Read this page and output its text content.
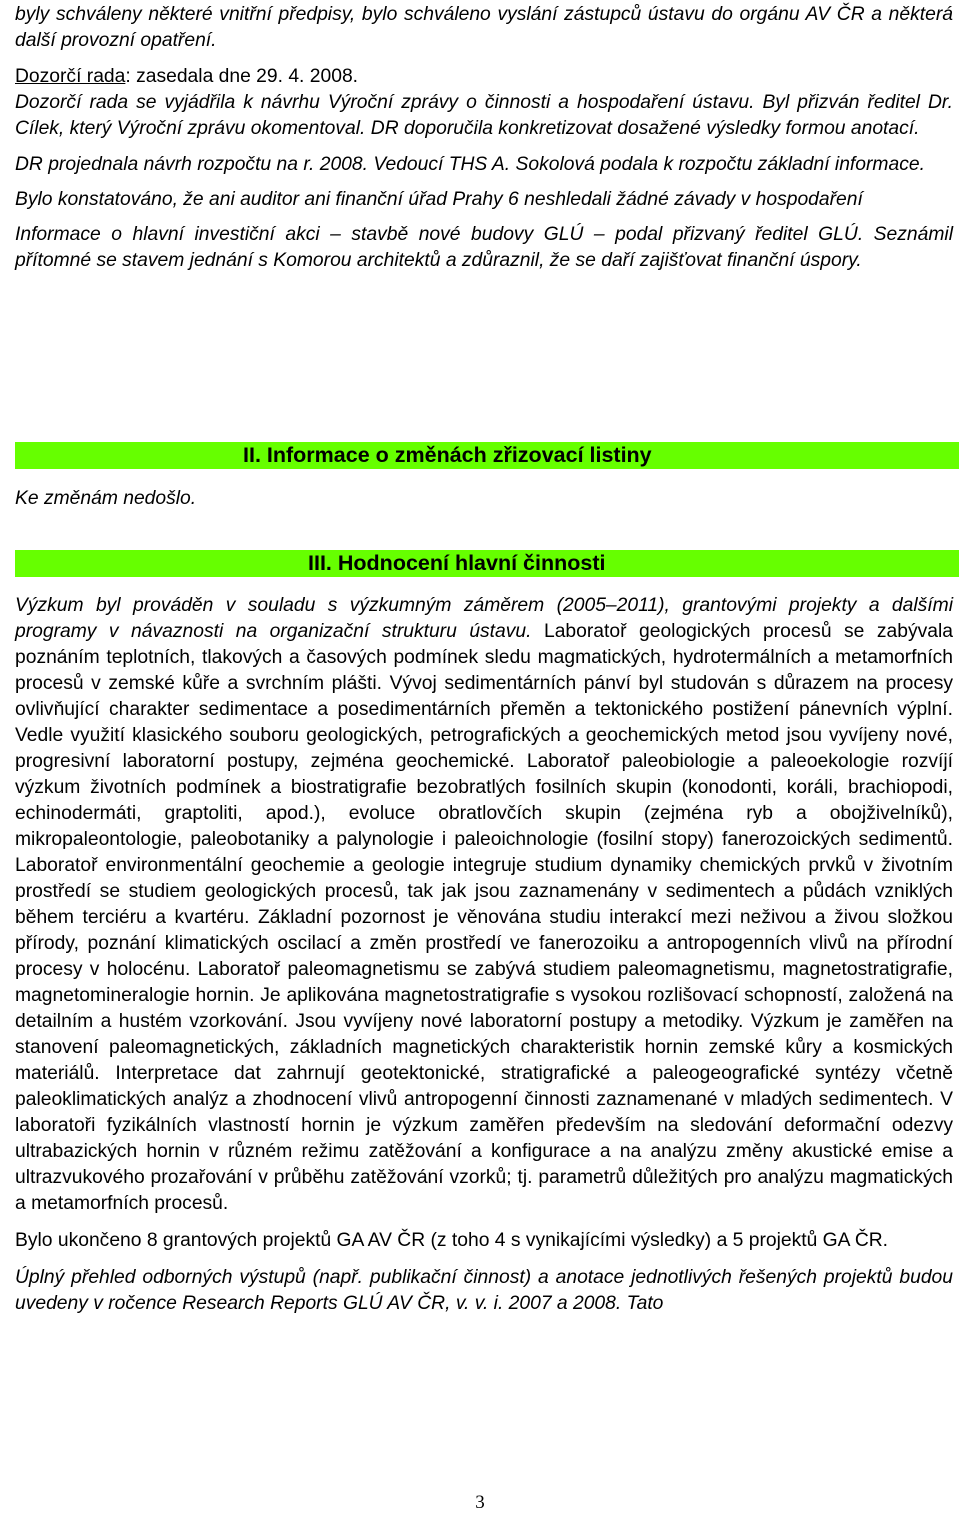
byly schváleny některé vnitřní předpisy, bylo schváleno vyslání zástupců ústavu do orgánu AV ČR a některá další provozní opatření.

Dozorčí rada: zasedala dne 29. 4. 2008.

Dozorčí rada se vyjádřila k návrhu Výroční zprávy o činnosti a hospodaření ústavu. Byl přizván ředitel Dr. Cílek, který Výroční zprávu okomentoval. DR doporučila konkretizovat dosažené výsledky formou anotací.

DR projednala návrh rozpočtu na r. 2008. Vedoucí THS A. Sokolová podala k rozpočtu základní informace.

Bylo konstatováno, že ani auditor ani finanční úřad Prahy 6 neshledali žádné závady v hospodaření

Informace o hlavní investiční akci – stavbě nové budovy GLÚ – podal přizvaný ředitel GLÚ. Seznámil přítomné se stavem jednání s Komorou architektů a zdůraznil, že se daří zajišťovat finanční úspory.

II. Informace o změnách zřizovací listiny

Ke změnám nedošlo.

III. Hodnocení hlavní činnosti

Výzkum byl prováděn v souladu s výzkumným záměrem (2005–2011), grantovými projekty a dalšími programy v návaznosti na organizační strukturu ústavu. Laboratoř geologických procesů se zabývala poznáním teplotních, tlakových a časových podmínek sledu magmatických, hydrotermálních a metamorfních procesů v zemské kůře a svrchním plášti. Vývoj sedimentárních pánví byl studován s důrazem na procesy ovlivňující charakter sedimentace a posedimentárních přeměn a tektonického postižení pánevních výplní. Vedle využití klasického souboru geologických, petrografických a geochemických metod jsou vyvíjeny nové, progresivní laboratorní postupy, zejména geochemické. Laboratoř paleobiologie a paleoekologie rozvíjí výzkum životních podmínek a biostratigrafie bezobratlých fosilních skupin (konodonti, koráli, brachiopodi, echinodermáti, graptoliti, apod.), evoluce obratlovčích skupin (zejména ryb a obojživelníků), mikropaleontologie, paleobotaniky a palynologie i paleoichnologie (fosilní stopy) fanerozoických sedimentů. Laboratoř environmentální geochemie a geologie integruje studium dynamiky chemických prvků v životním prostředí se studiem geologických procesů, tak jak jsou zaznamenány v sedimentech a půdách vzniklých během terciéru a kvartéru. Základní pozornost je věnována studiu interakcí mezi neživou a živou složkou přírody, poznání klimatických oscilací a změn prostředí ve fanerozoiku a antropogenních vlivů na přírodní procesy v holocénu. Laboratoř paleomagnetismu se zabývá studiem paleomagnetismu, magnetostratigrafie, magnetomineralogie hornin. Je aplikována magnetostratigrafie s vysokou rozlišovací schopností, založená na detailním a hustém vzorkování. Jsou vyvíjeny nové laboratorní postupy a metodiky. Výzkum je zaměřen na stanovení paleomagnetických, základních magnetických charakteristik hornin zemské kůry a kosmických materiálů. Interpretace dat zahrnují geotektonické, stratigrafické a paleogeografické syntézy včetně paleoklimatických analýz a zhodnocení vlivů antropogenní činnosti zaznamenané v mladých sedimentech. V laboratoři fyzikálních vlastností hornin je výzkum zaměřen především na sledování deformační odezvy ultrabazických hornin v různém režimu zatěžování a konfigurace a na analýzu změny akustické emise a ultrazvukového prozařování v průběhu zatěžování vzorků; tj. parametrů důležitých pro analýzu magmatických a metamorfních procesů.

Bylo ukončeno 8 grantových projektů GA AV ČR (z toho 4 s vynikajícími výsledky) a 5 projektů GA ČR.

Úplný přehled odborných výstupů (např. publikační činnost) a anotace jednotlivých řešených projektů budou uvedeny v ročence Research Reports GLÚ AV ČR, v. v. i. 2007 a 2008. Tato

3
